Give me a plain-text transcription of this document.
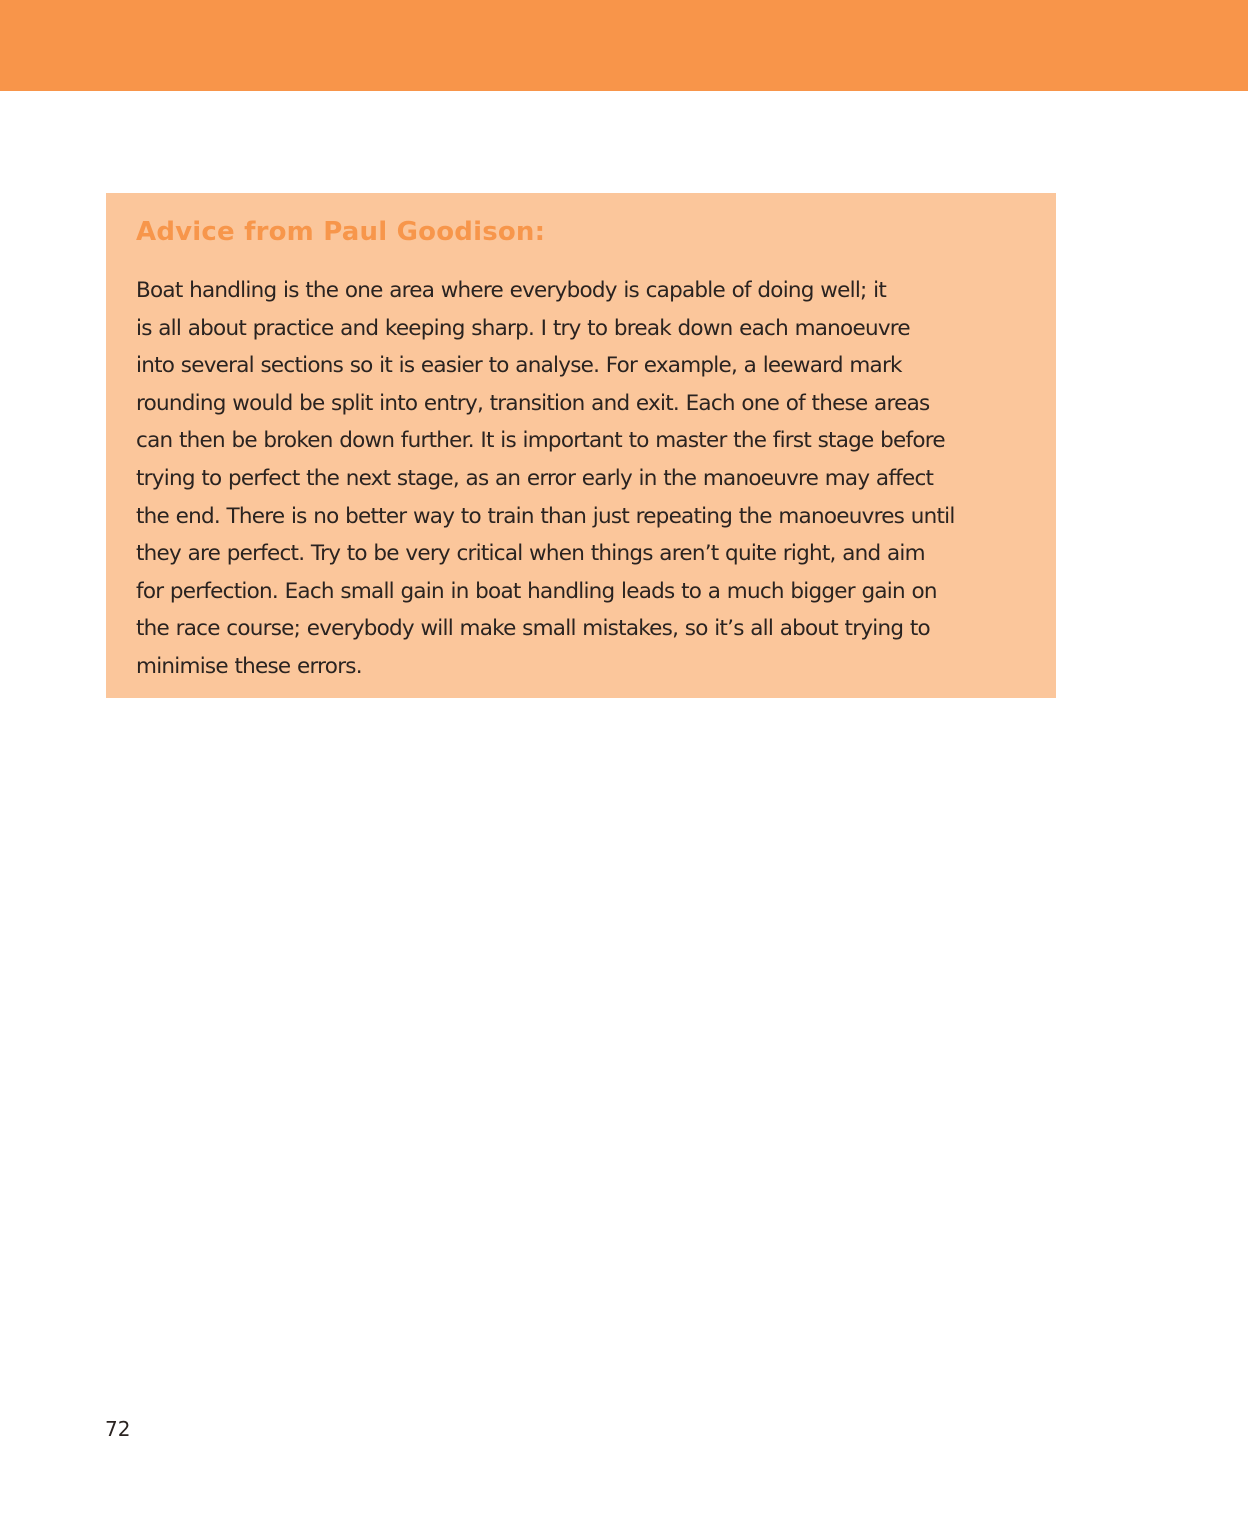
Advice from Paul Goodison:
Boat handling is the one area where everybody is capable of doing well; it
is all about practice and keeping sharp. I try to break down each manoeuvre
into several sections so it is easier to analyse. For example, a leeward mark
rounding would be split into entry, transition and exit. Each one of these areas
can then be broken down further. It is important to master the first stage before
trying to perfect the next stage, as an error early in the manoeuvre may affect
the end. There is no better way to train than just repeating the manoeuvres until
they are perfect. Try to be very critical when things aren’t quite right, and aim
for perfection. Each small gain in boat handling leads to a much bigger gain on
the race course; everybody will make small mistakes, so it’s all about trying to
minimise these errors.
72
